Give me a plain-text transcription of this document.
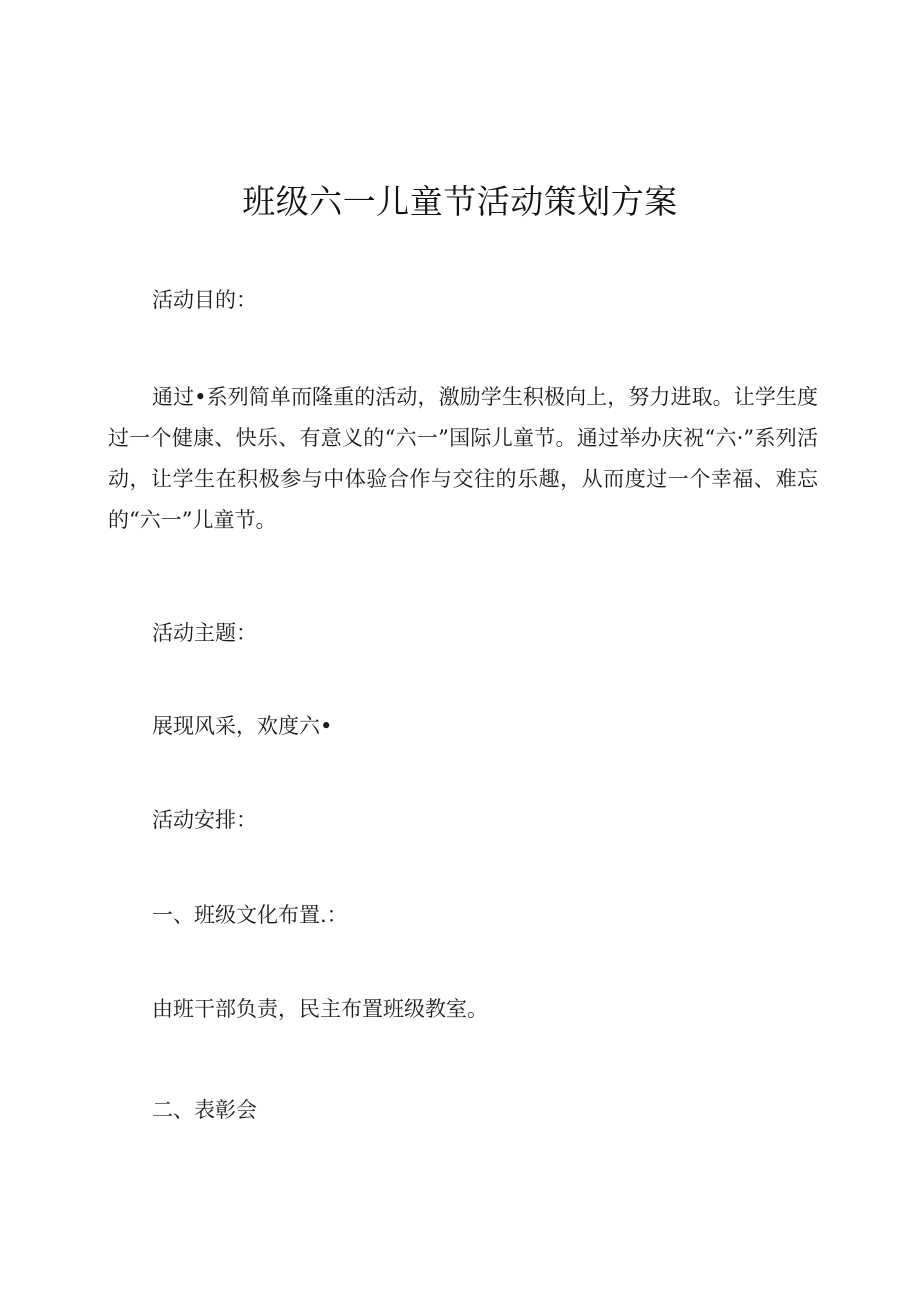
班级六一儿童节活动策划方案

活动目的：

通过•系列简单而隆重的活动，激励学生积极向上，努力进取。让学生度过一个健康、快乐、有意义的“六一”国际儿童节。通过举办庆祝“六·”系列活动，让学生在积极参与中体验合作与交往的乐趣，从而度过一个幸福、难忘的“六一”儿童节。

活动主题：

展现风采，欢度六•

活动安排：

一、班级文化布置.：

由班干部负责，民主布置班级教室。

二、表彰会
